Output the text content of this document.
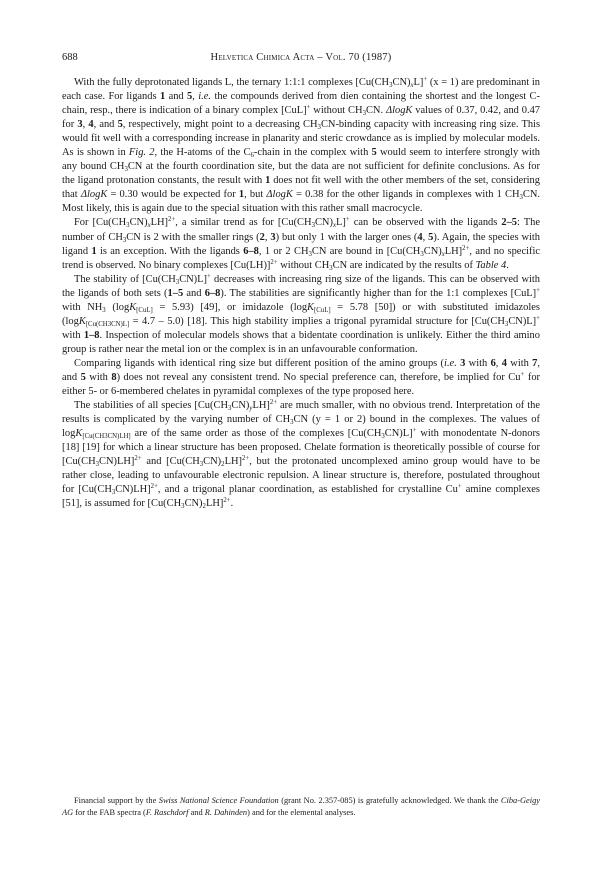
688	Helvetica Chimica Acta – Vol. 70 (1987)

With the fully deprotonated ligands L, the ternary 1:1:1 complexes $[Cu(CH_3CN)_xL]^+$ (x = 1) are predominant in each case. For ligands 1 and 5, i.e. the compounds derived from dien containing the shortest and the longest C-chain, resp., there is indication of a binary complex [CuL]+ without $CH_3CN$. ΔlogK values of 0.37, 0.42, and 0.47 for 3, 4, and 5, respectively, might point to a decreasing $CH_3CN$-binding capacity with increasing ring size. This would fit well with a corresponding increase in planarity and steric crowdance as is implied by molecular models. As is shown in Fig. 2, the H-atoms of the $C_6$-chain in the complex with 5 would seem to interfere strongly with any bound $CH_3CN$ at the fourth coordination site, but the data are not sufficient for definite conclusions. As for the ligand protonation constants, the result with 1 does not fit well with the other members of the set, considering that ΔlogK = 0.30 would be expected for 1, but ΔlogK = 0.38 for the other ligands in complexes with 1 $CH_3CN$. Most likely, this is again due to the special situation with this rather small macrocycle.

For $[Cu(CH_3CN)_xLH]^{2+}$, a similar trend as for $[Cu(CH_3CN)_xL]^+$ can be observed with the ligands 2–5: The number of $CH_3CN$ is 2 with the smaller rings (2, 3) but only 1 with the larger ones (4, 5). Again, the species with ligand 1 is an exception. With the ligands 6–8, 1 or 2 $CH_3CN$ are bound in $[Cu(CH_3CN)_xLH]^{2+}$, and no specific trend is observed. No binary complexes $[Cu(LH)]^{2+}$ without $CH_3CN$ are indicated by the results of Table 4.

The stability of $[Cu(CH_3CN)L]^+$ decreases with increasing ring size of the ligands. This can be observed with the ligands of both sets (1–5 and 6–8). The stabilities are significantly higher than for the 1:1 complexes [CuL]+ with $NH_3$ (logK$_{[CuL]}$ = 5.93) [49], or imidazole (logK$_{[CuL]}$ = 5.78 [50]) or with substituted imidazoles (logK$_{[Cu(CH3CN)L]}$ = 4.7 – 5.0) [18]. This high stability implies a trigonal pyramidal structure for $[Cu(CH_3CN)L]^+$ with 1–8. Inspection of molecular models shows that a bidentate coordination is unlikely. Either the third amino group is rather near the metal ion or the complex is in an unfavourable conformation.

Comparing ligands with identical ring size but different position of the amino groups (i.e. 3 with 6, 4 with 7, and 5 with 8) does not reveal any consistent trend. No special preference can, therefore, be implied for Cu+ for either 5- or 6-membered chelates in pyramidal complexes of the type proposed here.

The stabilities of all species $[Cu(CH_3CN)_yLH]^{2+}$ are much smaller, with no obvious trend. Interpretation of the results is complicated by the varying number of $CH_3CN$ (y = 1 or 2) bound in the complexes. The values of logK$_{[Cu(CH3CN)LH]}$ are of the same order as those of the complexes $[Cu(CH_3CN)L]^+$ with monodentate N-donors [18] [19] for which a linear structure has been proposed. Chelate formation is theoretically possible of course for $[Cu(CH_3CN)LH]^{2+}$ and $[Cu(CH_3CN)_2LH]^{2+}$, but the protonated uncomplexed amino group would have to be rather close, leading to unfavourable electronic repulsion. A linear structure is, therefore, postulated throughout for $[Cu(CH_3CN)LH]^{2+}$, and a trigonal planar coordination, as established for crystalline Cu+ amine complexes [51], is assumed for $[Cu(CH_3CN)_2LH]^{2+}$.

Financial support by the Swiss National Science Foundation (grant No. 2.357-085) is gratefully acknowledged. We thank the Ciba-Geigy AG for the FAB spectra (F. Raschdorf and R. Dahinden) and for the elemental analyses.
